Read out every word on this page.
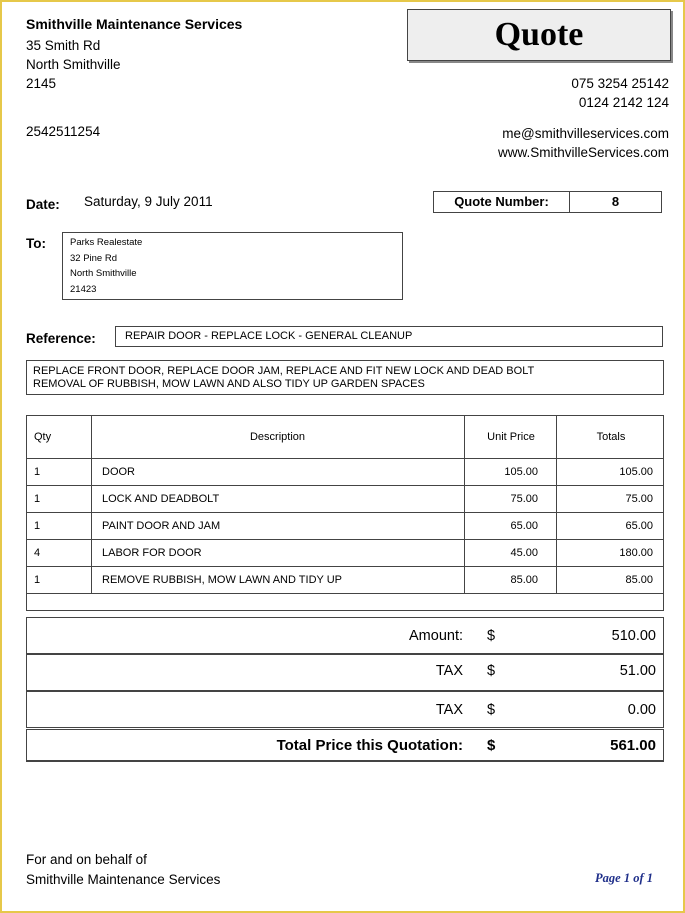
Smithville Maintenance Services
35 Smith Rd
North Smithville
2145
2542511254
Quote
075 3254 25142
0124 2142 124
me@smithvilleservices.com
www.SmithvilleServices.com
Date: Saturday, 9 July 2011	Quote Number:	8
To:	Parks Realestate
32 Pine Rd
North Smithville
21423
Reference:	REPAIR DOOR - REPLACE LOCK - GENERAL CLEANUP
REPLACE FRONT DOOR, REPLACE DOOR JAM, REPLACE AND FIT NEW LOCK AND DEAD BOLT
REMOVAL OF RUBBISH, MOW LAWN AND ALSO TIDY UP GARDEN SPACES
Qty	Description	Unit Price	Totals
1	DOOR	105.00	105.00
1	LOCK AND DEADBOLT	75.00	75.00
1	PAINT DOOR AND JAM	65.00	65.00
4	LABOR FOR DOOR	45.00	180.00
1	REMOVE RUBBISH, MOW LAWN AND TIDY UP	85.00	85.00
Amount: $	510.00
TAX $	51.00
TAX $	0.00
Total Price this Quotation: $	561.00
For and on behalf of
Smithville Maintenance Services	Page 1 of 1
